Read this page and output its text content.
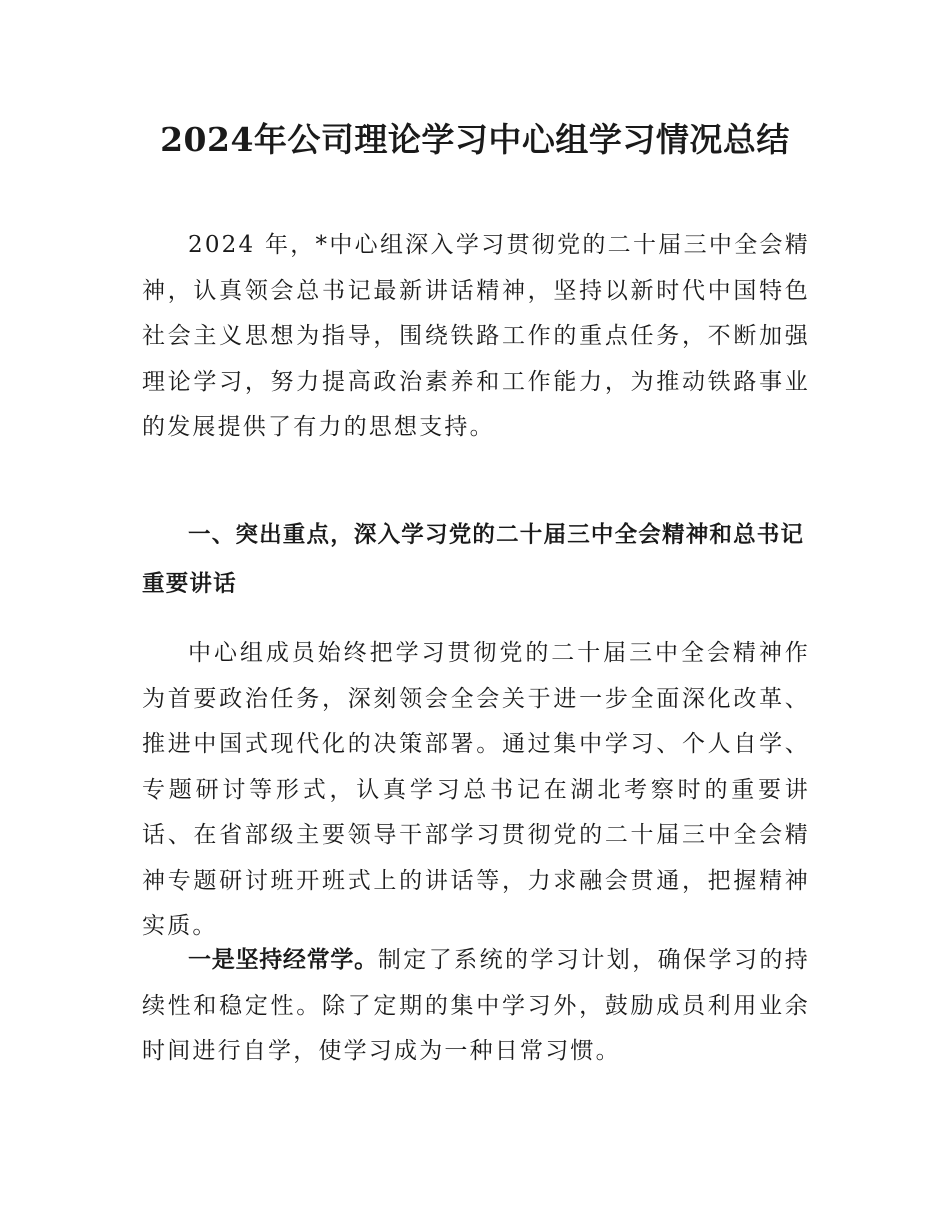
2024年公司理论学习中心组学习情况总结

2024 年，*中心组深入学习贯彻党的二十届三中全会精神，认真领会总书记最新讲话精神，坚持以新时代中国特色社会主义思想为指导，围绕铁路工作的重点任务，不断加强理论学习，努力提高政治素养和工作能力，为推动铁路事业的发展提供了有力的思想支持。

一、突出重点，深入学习党的二十届三中全会精神和总书记重要讲话

中心组成员始终把学习贯彻党的二十届三中全会精神作为首要政治任务，深刻领会全会关于进一步全面深化改革、推进中国式现代化的决策部署。通过集中学习、个人自学、专题研讨等形式，认真学习总书记在湖北考察时的重要讲话、在省部级主要领导干部学习贯彻党的二十届三中全会精神专题研讨班开班式上的讲话等，力求融会贯通，把握精神实质。

一是坚持经常学。制定了系统的学习计划，确保学习的持续性和稳定性。除了定期的集中学习外，鼓励成员利用业余时间进行自学，使学习成为一种日常习惯。
